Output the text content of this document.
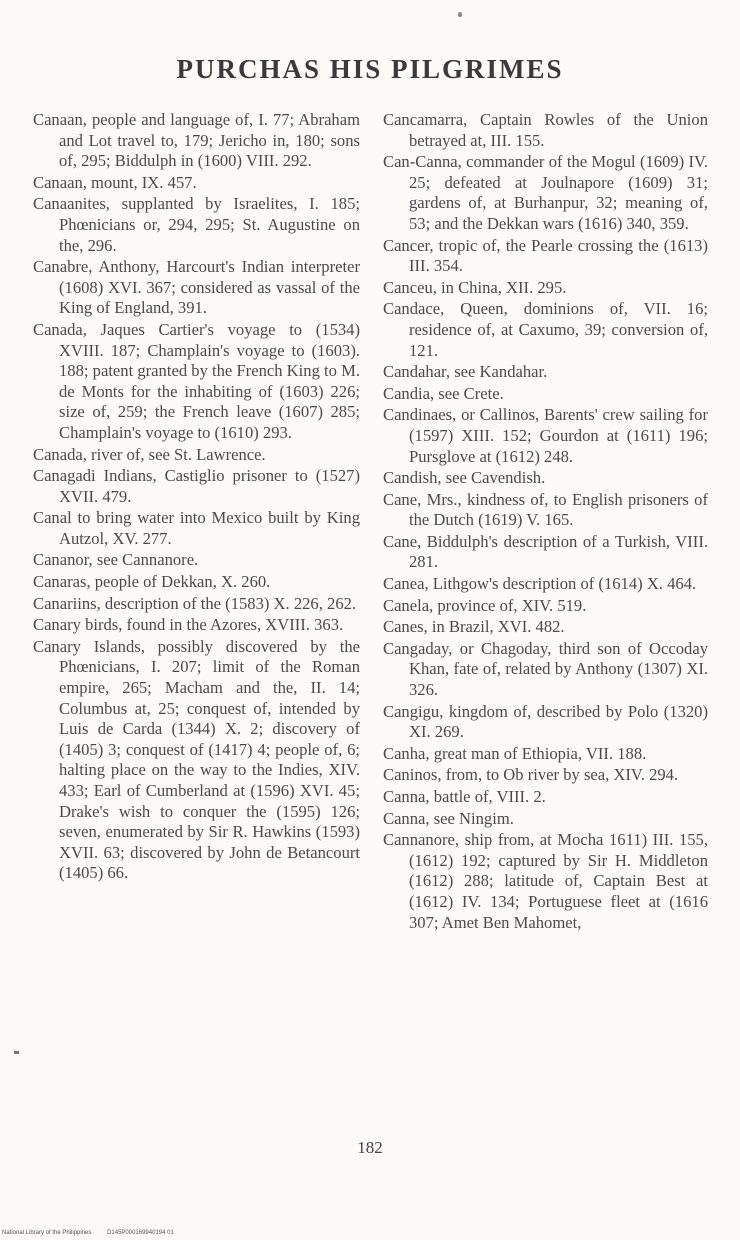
PURCHAS HIS PILGRIMES

Canaan, people and language of, I. 77; Abraham and Lot travel to, 179; Jericho in, 180; sons of, 295; Biddulph in (1600) VIII. 292.

Canaan, mount, IX. 457.

Canaanites, supplanted by Israelites, I. 185; Phœnicians or, 294, 295; St. Augustine on the, 296.

Canabre, Anthony, Harcourt's Indian interpreter (1608) XVI. 367; considered as vassal of the King of England, 391.

Canada, Jaques Cartier's voyage to (1534) XVIII. 187; Champlain's voyage to (1603). 188; patent granted by the French King to M. de Monts for the inhabiting of (1603) 226; size of, 259; the French leave (1607) 285; Champlain's voyage to (1610) 293.

Canada, river of, see St. Lawrence.

Canagadi Indians, Castiglio prisoner to (1527) XVII. 479.

Canal to bring water into Mexico built by King Autzol, XV. 277.

Cananor, see Cannanore.

Canaras, people of Dekkan, X. 260.

Canariins, description of the (1583) X. 226, 262.

Canary birds, found in the Azores, XVIII. 363.

Canary Islands, possibly discovered by the Phœnicians, I. 207; limit of the Roman empire, 265; Macham and the, II. 14; Columbus at, 25; conquest of, intended by Luis de Carda (1344) X. 2; discovery of (1405) 3; conquest of (1417) 4; people of, 6; halting place on the way to the Indies, XIV. 433; Earl of Cumberland at (1596) XVI. 45; Drake's wish to conquer the (1595) 126; seven, enumerated by Sir R. Hawkins (1593) XVII. 63; discovered by John de Betancourt (1405) 66.

Cancamarra, Captain Rowles of the Union betrayed at, III. 155.

Can-Canna, commander of the Mogul (1609) IV. 25; defeated at Joulnapore (1609) 31; gardens of, at Burhanpur, 32; meaning of, 53; and the Dekkan wars (1616) 340, 359.

Cancer, tropic of, the Pearle crossing the (1613) III. 354.

Canceu, in China, XII. 295.

Candace, Queen, dominions of, VII. 16; residence of, at Caxumo, 39; conversion of, 121.

Candahar, see Kandahar.

Candia, see Crete.

Candinaes, or Callinos, Barents' crew sailing for (1597) XIII. 152; Gourdon at (1611) 196; Pursglove at (1612) 248.

Candish, see Cavendish.

Cane, Mrs., kindness of, to English prisoners of the Dutch (1619) V. 165.

Cane, Biddulph's description of a Turkish, VIII. 281.

Canea, Lithgow's description of (1614) X. 464.

Canela, province of, XIV. 519.

Canes, in Brazil, XVI. 482.

Cangaday, or Chagoday, third son of Occoday Khan, fate of, related by Anthony (1307) XI. 326.

Cangigu, kingdom of, described by Polo (1320) XI. 269.

Canha, great man of Ethiopia, VII. 188.

Caninos, from, to Ob river by sea, XIV. 294.

Canna, battle of, VIII. 2.

Canna, see Ningim.

Cannanore, ship from, at Mocha 1611) III. 155, (1612) 192; captured by Sir H. Middleton (1612) 288; latitude of, Captain Best at (1612) IV. 134; Portuguese fleet at (1616 307; Amet Ben Mahomet,

182
National Library of the Philippines	D145P000169940194 01
